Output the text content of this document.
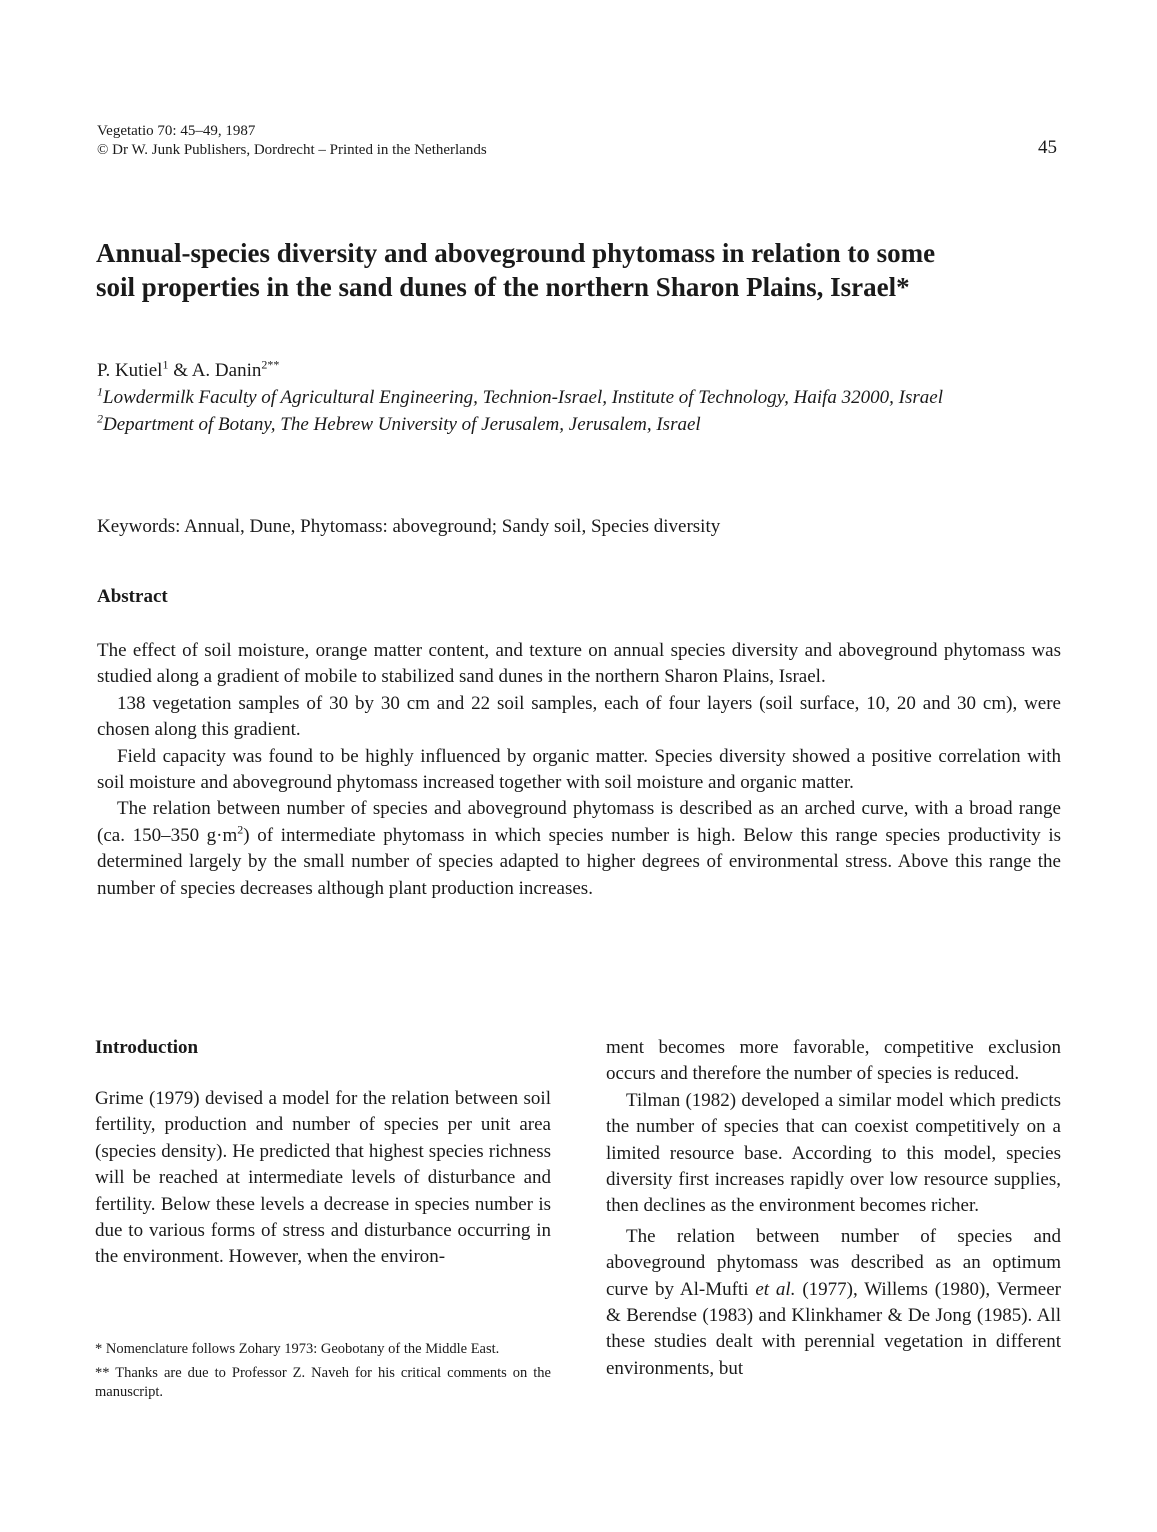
Vegetatio 70: 45–49, 1987
© Dr W. Junk Publishers, Dordrecht – Printed in the Netherlands	45
Annual-species diversity and aboveground phytomass in relation to some
soil properties in the sand dunes of the northern Sharon Plains, Israel*
P. Kutiel$^1$ & A. Danin$^{2**}$
$^1$Lowdermilk Faculty of Agricultural Engineering, Technion-Israel, Institute of Technology, Haifa 32000, Israel
$^2$Department of Botany, The Hebrew University of Jerusalem, Jerusalem, Israel
Keywords: Annual, Dune, Phytomass: aboveground; Sandy soil, Species diversity
Abstract

The effect of soil moisture, orange matter content, and texture on annual species diversity and aboveground phytomass was studied along a gradient of mobile to stabilized sand dunes in the northern Sharon Plains, Israel.

138 vegetation samples of 30 by 30 cm and 22 soil samples, each of four layers (soil surface, 10, 20 and 30 cm), were chosen along this gradient.

Field capacity was found to be highly influenced by organic matter. Species diversity showed a positive correlation with soil moisture and aboveground phytomass increased together with soil moisture and organic matter.

The relation between number of species and aboveground phytomass is described as an arched curve, with a broad range (ca. 150–350 $g\cdot m^2$) of intermediate phytomass in which species number is high. Below this range species productivity is determined largely by the small number of species adapted to higher degrees of environmental stress. Above this range the number of species decreases although plant production increases.

Introduction

Grime (1979) devised a model for the relation between soil fertility, production and number of species per unit area (species density). He predicted that highest species richness will be reached at intermediate levels of disturbance and fertility. Below these levels a decrease in species number is due to various forms of stress and disturbance occurring in the environment. However, when the environ-

ment becomes more favorable, competitive exclusion occurs and therefore the number of species is reduced.

Tilman (1982) developed a similar model which predicts the number of species that can coexist competitively on a limited resource base. According to this model, species diversity first increases rapidly over low resource supplies, then declines as the environment becomes richer.

The relation between number of species and aboveground phytomass was described as an optimum curve by Al-Mufti et al. (1977), Willems (1980), Vermeer & Berendse (1983) and Klinkhamer & De Jong (1985). All these studies dealt with perennial vegetation in different environments, but

* Nomenclature follows Zohary 1973: Geobotany of the Middle East.

** Thanks are due to Professor Z. Naveh for his critical comments on the manuscript.
